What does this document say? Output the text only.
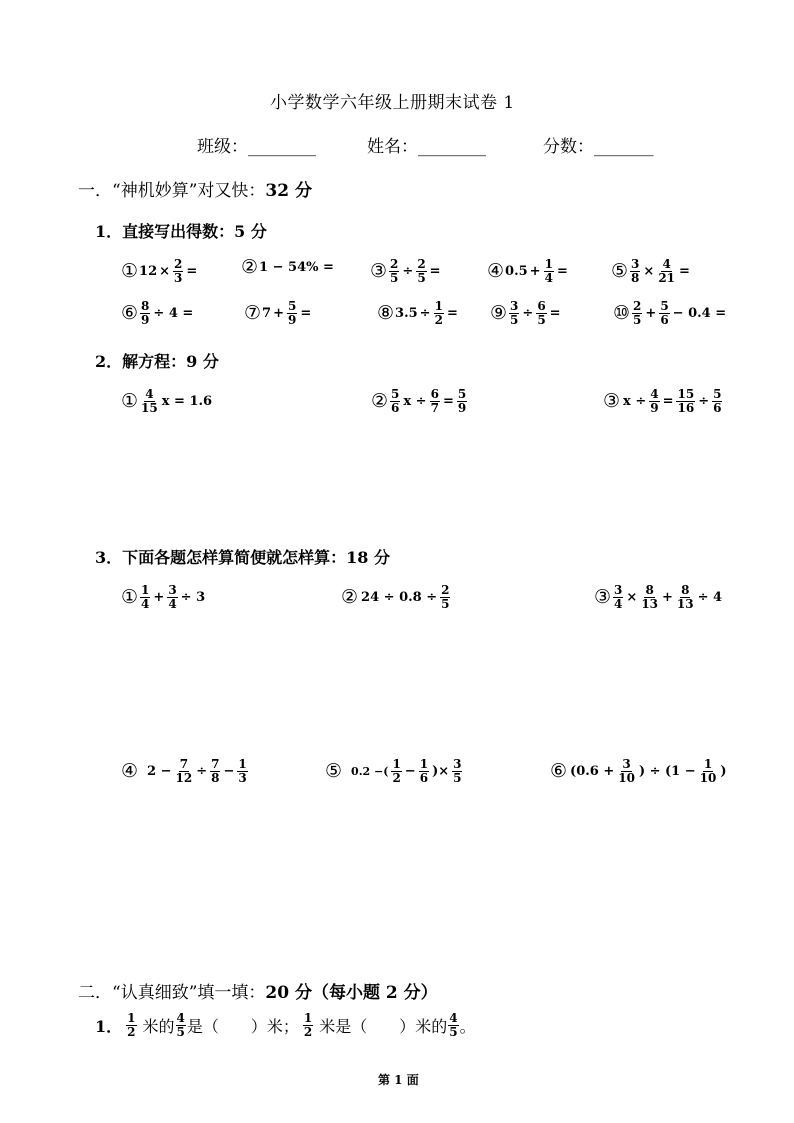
小学数学六年级上册期末试卷 1
班级：________	姓名：________	分数：_______
一．“神机妙算”对又快：32 分
1．直接写出得数：5 分
① $12 \times \frac{2}{3}$ = ② 1 − 54% = ③ $\frac{2}{5} \div \frac{2}{5}$ = ④ $0.5 + \frac{1}{4}$ = ⑤ $\frac{3}{8} \times \frac{4}{21}$ =
⑥ $\frac{8}{9} \div 4$ =	⑦ $7 + \frac{5}{9}$ =	⑧ $3.5 \div \frac{1}{2}$ = ⑨ $\frac{3}{5} \div \frac{6}{5}$ =	⑩ $\frac{2}{5} + \frac{5}{6} - 0.4$ =
2．解方程：9 分
① $\frac{4}{15}$ x = 1.6	② $\frac{5}{6}$ $x \div \frac{6}{7} = \frac{5}{9}$	③ $x \div \frac{4}{9} = \frac{15}{16} \div \frac{5}{6}$
3．下面各题怎样算简便就怎样算：18 分
① $\frac{1}{4} + \frac{3}{4} \div 3$	② $24 \div 0.8 \div \frac{2}{5}$	③ $\frac{3}{4} \times \frac{8}{13} + \frac{8}{13} \div 4$
④ $2 - \frac{7}{12} \div \frac{7}{8} - \frac{1}{3}$	⑤ 0.2 −( $\frac{1}{2} - \frac{1}{6}$ )× $\frac{3}{5}$	⑥ ($0.6 + \frac{3}{10}$ ) ÷ ($1 - \frac{1}{10}$ )
二．“认真细致”填一填：20 分（每小题 2 分）
1． $\frac{1}{2}$ 米的 $\frac{4}{5}$ 是（　　）米； $\frac{1}{2}$ 米是（　　）米的 $\frac{4}{5}$ 。
第 1 面
